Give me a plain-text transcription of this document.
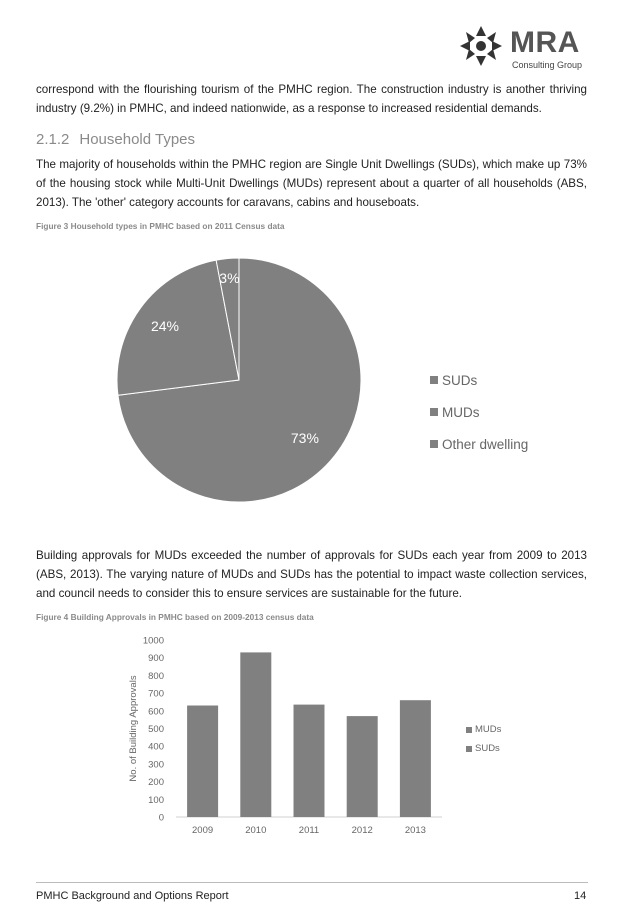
MRA
Consulting Group
correspond with the flourishing tourism of the PMHC region. The construction industry is another thriving industry (9.2%) in PMHC, and indeed nationwide, as a response to increased residential demands.
2.1.2 Household Types
The majority of households within the PMHC region are Single Unit Dwellings (SUDs), which make up 73% of the housing stock while Multi-Unit Dwellings (MUDs) represent about a quarter of all households (ABS, 2013). The 'other' category accounts for caravans, cabins and houseboats.
Figure 3 Household types in PMHC based on 2011 Census data
73%
24%
3%
SUDs
MUDs
Other dwelling
Building approvals for MUDs exceeded the number of approvals for SUDs each year from 2009 to 2013 (ABS, 2013). The varying nature of MUDs and SUDs has the potential to impact waste collection services, and council needs to consider this to ensure services are sustainable for the future.
Figure 4 Building Approvals in PMHC based on 2009-2013 census data
0
100
200
300
400
500
600
700
800
900
1000
No. of Building Approvals
2009	2010	2011	2012	2013
MUDs
SUDs
PMHC Background and Options Report	14
